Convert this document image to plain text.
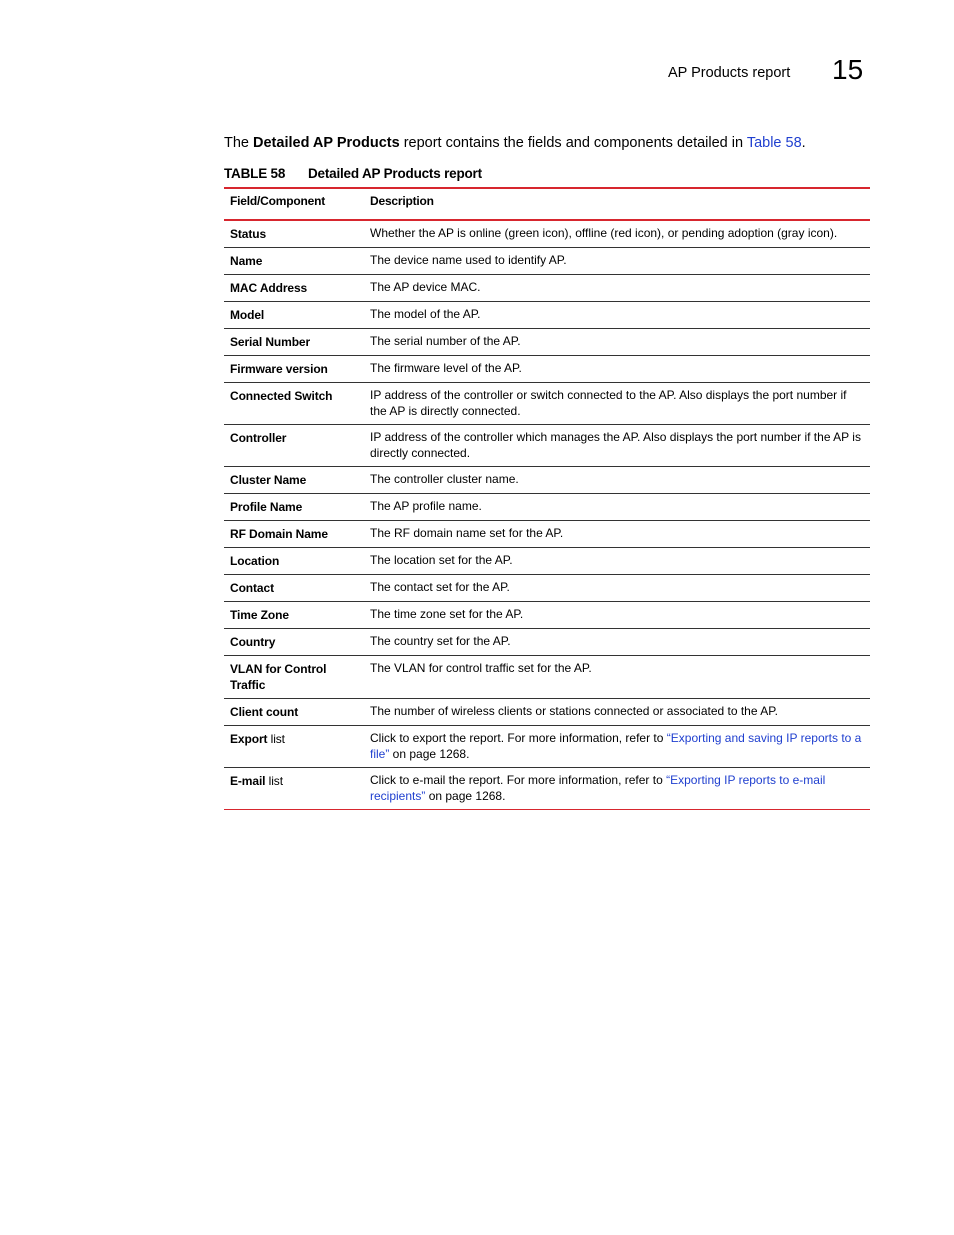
AP Products report 15
The Detailed AP Products report contains the fields and components detailed in Table 58.
TABLE 58 Detailed AP Products report
Field/Component	Description
Status	Whether the AP is online (green icon), offline (red icon), or pending adoption (gray icon).
Name	The device name used to identify AP.
MAC Address	The AP device MAC.
Model	The model of the AP.
Serial Number	The serial number of the AP.
Firmware version	The firmware level of the AP.
Connected Switch	IP address of the controller or switch connected to the AP. Also displays the port number if the AP is directly connected.
Controller	IP address of the controller which manages the AP. Also displays the port number if the AP is directly connected.
Cluster Name	The controller cluster name.
Profile Name	The AP profile name.
RF Domain Name	The RF domain name set for the AP.
Location	The location set for the AP.
Contact	The contact set for the AP.
Time Zone	The time zone set for the AP.
Country	The country set for the AP.
VLAN for Control Traffic	The VLAN for control traffic set for the AP.
Client count	The number of wireless clients or stations connected or associated to the AP.
Export list	Click to export the report. For more information, refer to “Exporting and saving IP reports to a file” on page 1268.
E-mail list	Click to e-mail the report. For more information, refer to “Exporting IP reports to e-mail recipients” on page 1268.
